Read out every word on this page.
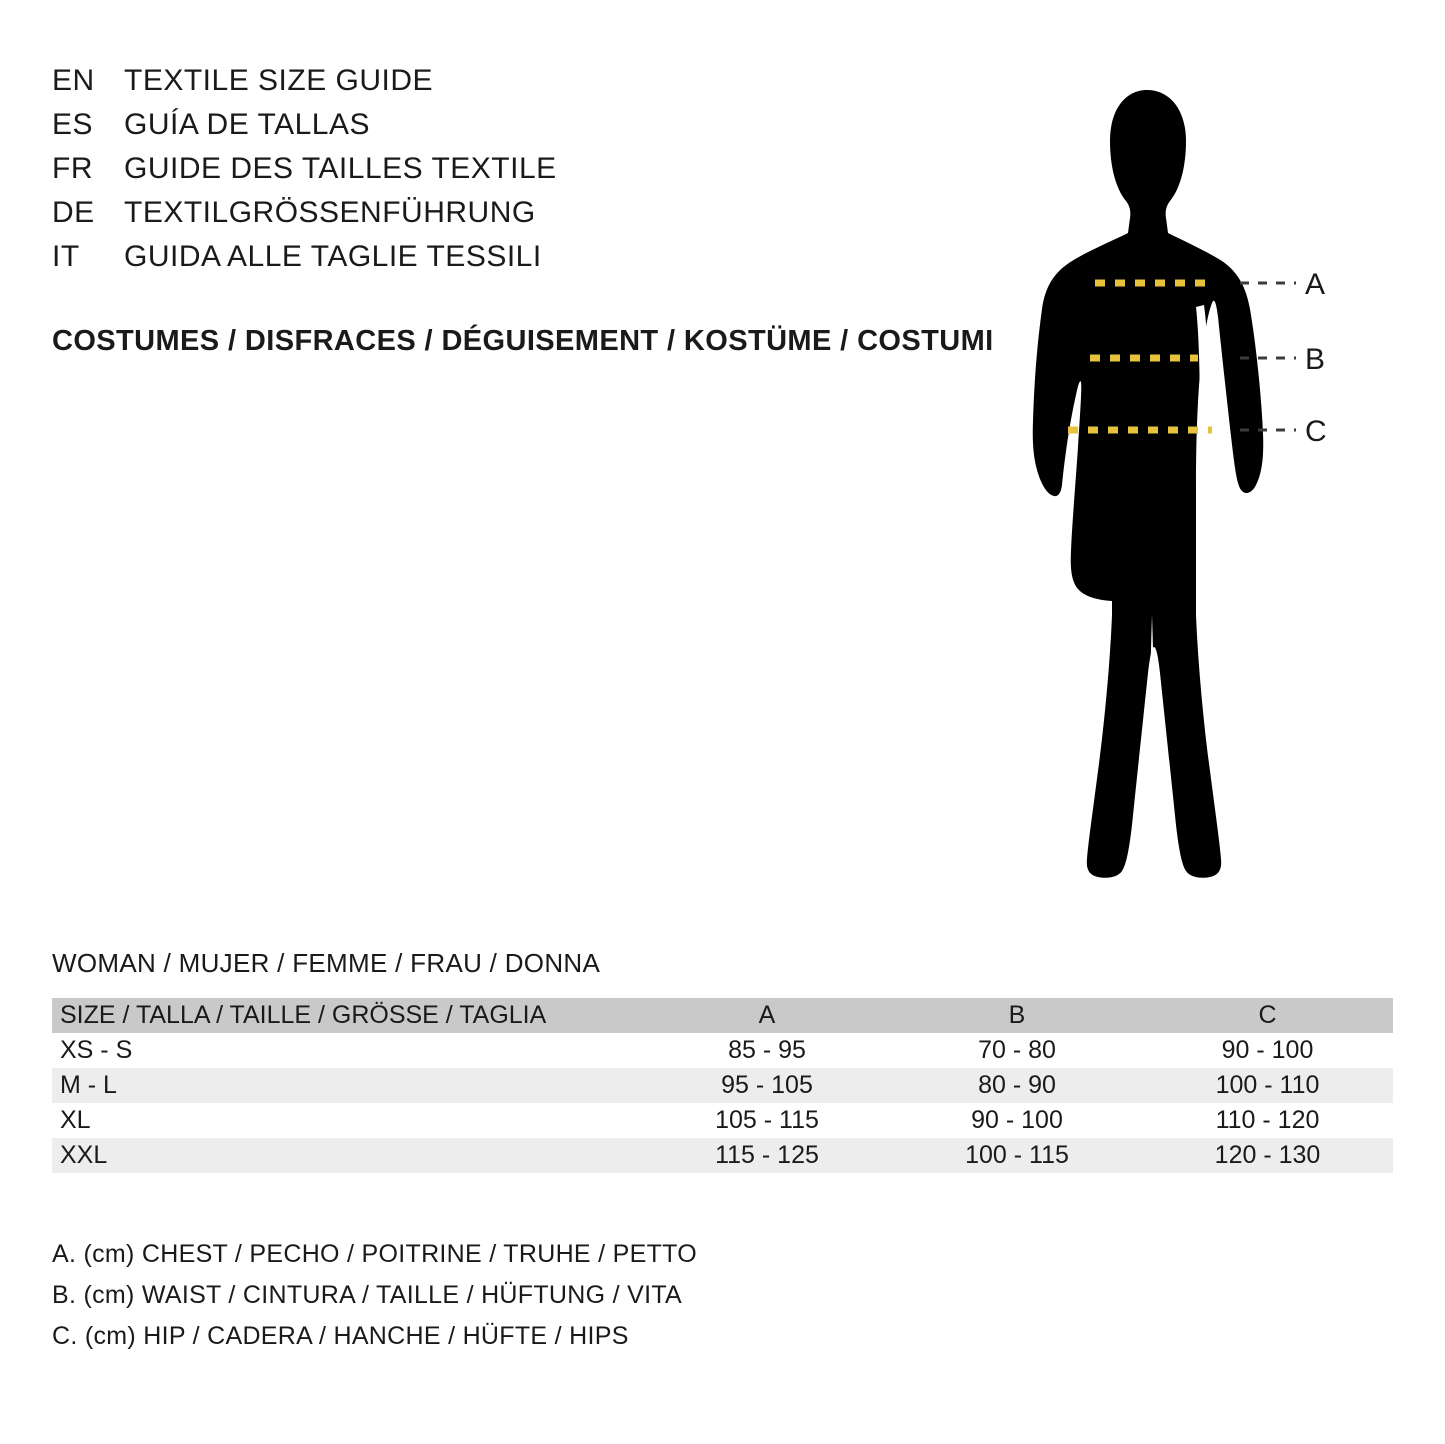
EN TEXTILE SIZE GUIDE
ES	GUÍA DE TALLAS
FR	GUIDE DES TAILLES TEXTILE
DE TEXTILGRÖSSENFÜHRUNG
IT	GUIDA ALLE TAGLIE TESSILI
COSTUMES / DISFRACES / DÉGUISEMENT / KOSTÜME / COSTUMI
A
B
C
WOMAN / MUJER / FEMME / FRAU / DONNA
SIZE / TALLA / TAILLE / GRÖSSE / TAGLIA	A	B	C
XS - S	85 - 95	70 - 80	90 - 100
M - L	95 - 105	80 - 90	100 - 110
XL	105 - 115	90 - 100	110 - 120
XXL	115 - 125	100 - 115	120 - 130
A. (cm) CHEST / PECHO / POITRINE / TRUHE / PETTO
B. (cm) WAIST / CINTURA / TAILLE / HÜFTUNG / VITA
C. (cm) HIP / CADERA / HANCHE / HÜFTE / HIPS
